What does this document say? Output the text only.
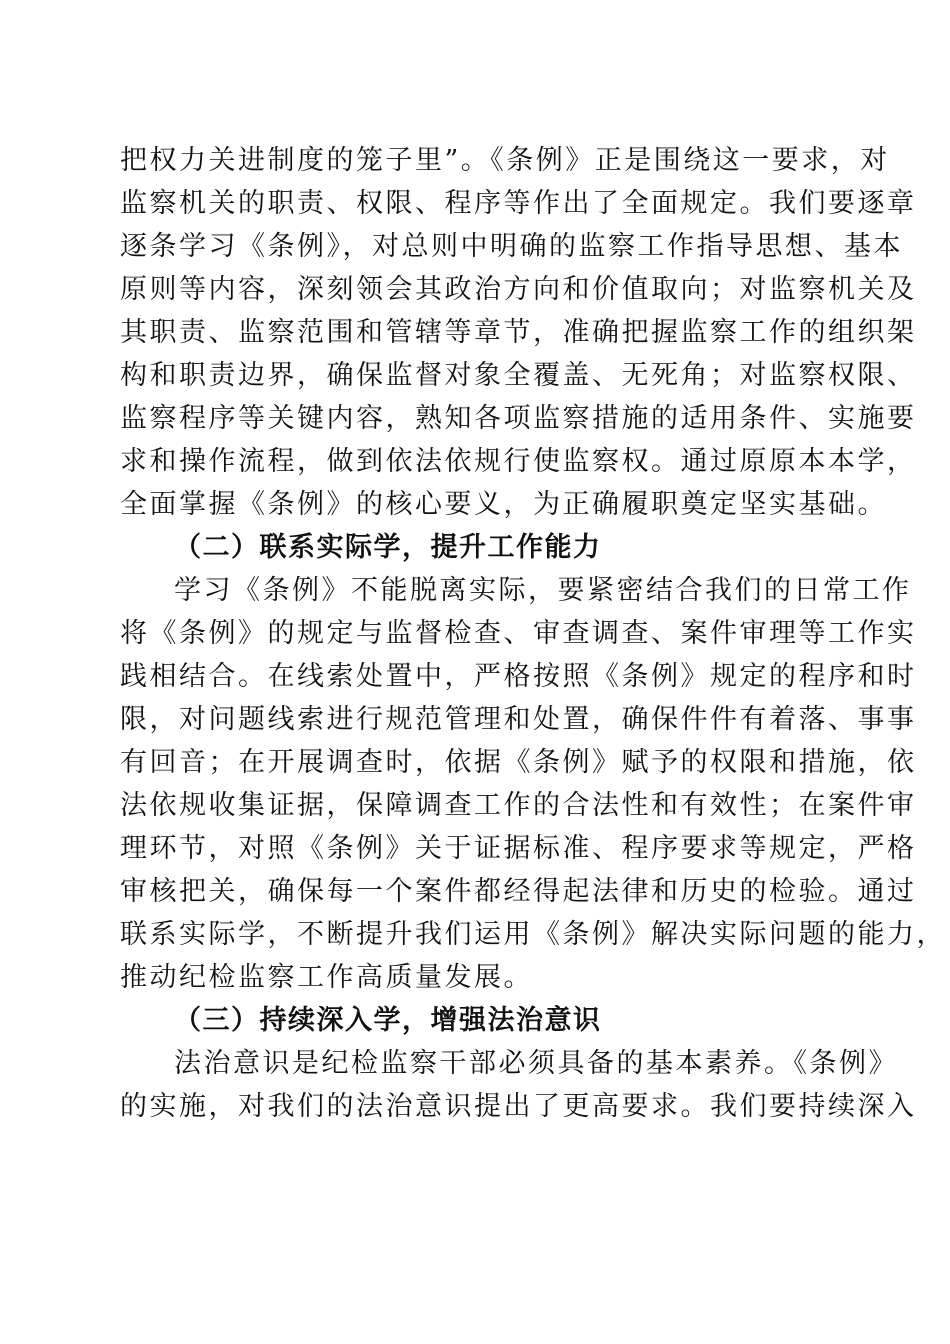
把权力关进制度的笼子里”。《条例》正是围绕这一要求，对
监察机关的职责、权限、程序等作出了全面规定。我们要逐章
逐条学习《条例》，对总则中明确的监察工作指导思想、基本
原则等内容，深刻领会其政治方向和价值取向；对监察机关及
其职责、监察范围和管辖等章节，准确把握监察工作的组织架
构和职责边界，确保监督对象全覆盖、无死角；对监察权限、
监察程序等关键内容，熟知各项监察措施的适用条件、实施要
求和操作流程，做到依法依规行使监察权。通过原原本本学，
全面掌握《条例》的核心要义，为正确履职奠定坚实基础。
（二）联系实际学，提升工作能力
学习《条例》不能脱离实际，要紧密结合我们的日常工作
将《条例》的规定与监督检查、审查调查、案件审理等工作实
践相结合。在线索处置中，严格按照《条例》规定的程序和时
限，对问题线索进行规范管理和处置，确保件件有着落、事事
有回音；在开展调查时，依据《条例》赋予的权限和措施，依
法依规收集证据，保障调查工作的合法性和有效性；在案件审
理环节，对照《条例》关于证据标准、程序要求等规定，严格
审核把关，确保每一个案件都经得起法律和历史的检验。通过
联系实际学，不断提升我们运用《条例》解决实际问题的能力，
推动纪检监察工作高质量发展。
（三）持续深入学，增强法治意识
法治意识是纪检监察干部必须具备的基本素养。《条例》
的实施，对我们的法治意识提出了更高要求。我们要持续深入
